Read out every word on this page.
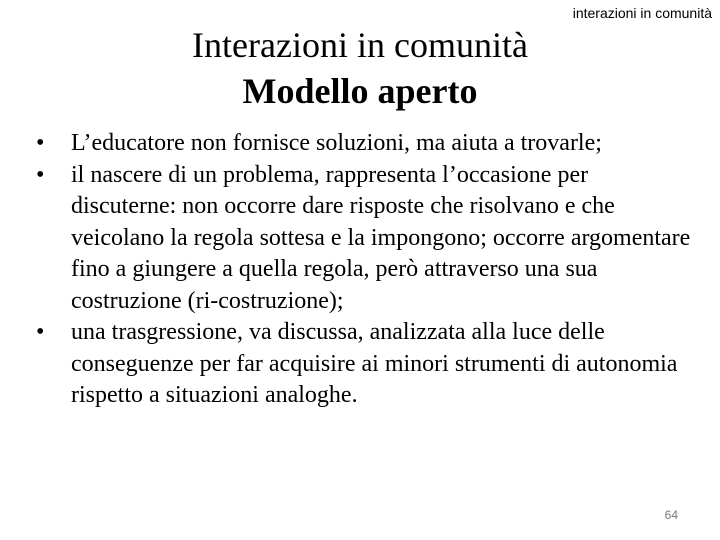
interazioni in comunità
Interazioni in comunità
Modello aperto
•	L’educatore non fornisce soluzioni, ma aiuta a trovarle;
•	il nascere di un problema, rappresenta l’occasione per discuterne: non occorre dare risposte che risolvano e che veicolano la regola sottesa e la impongono; occorre argomentare fino a giungere a quella regola, però attraverso una sua costruzione (ri-costruzione);
•	una trasgressione, va discussa, analizzata alla luce delle conseguenze per far acquisire ai minori strumenti di autonomia rispetto a situazioni analoghe.
64
